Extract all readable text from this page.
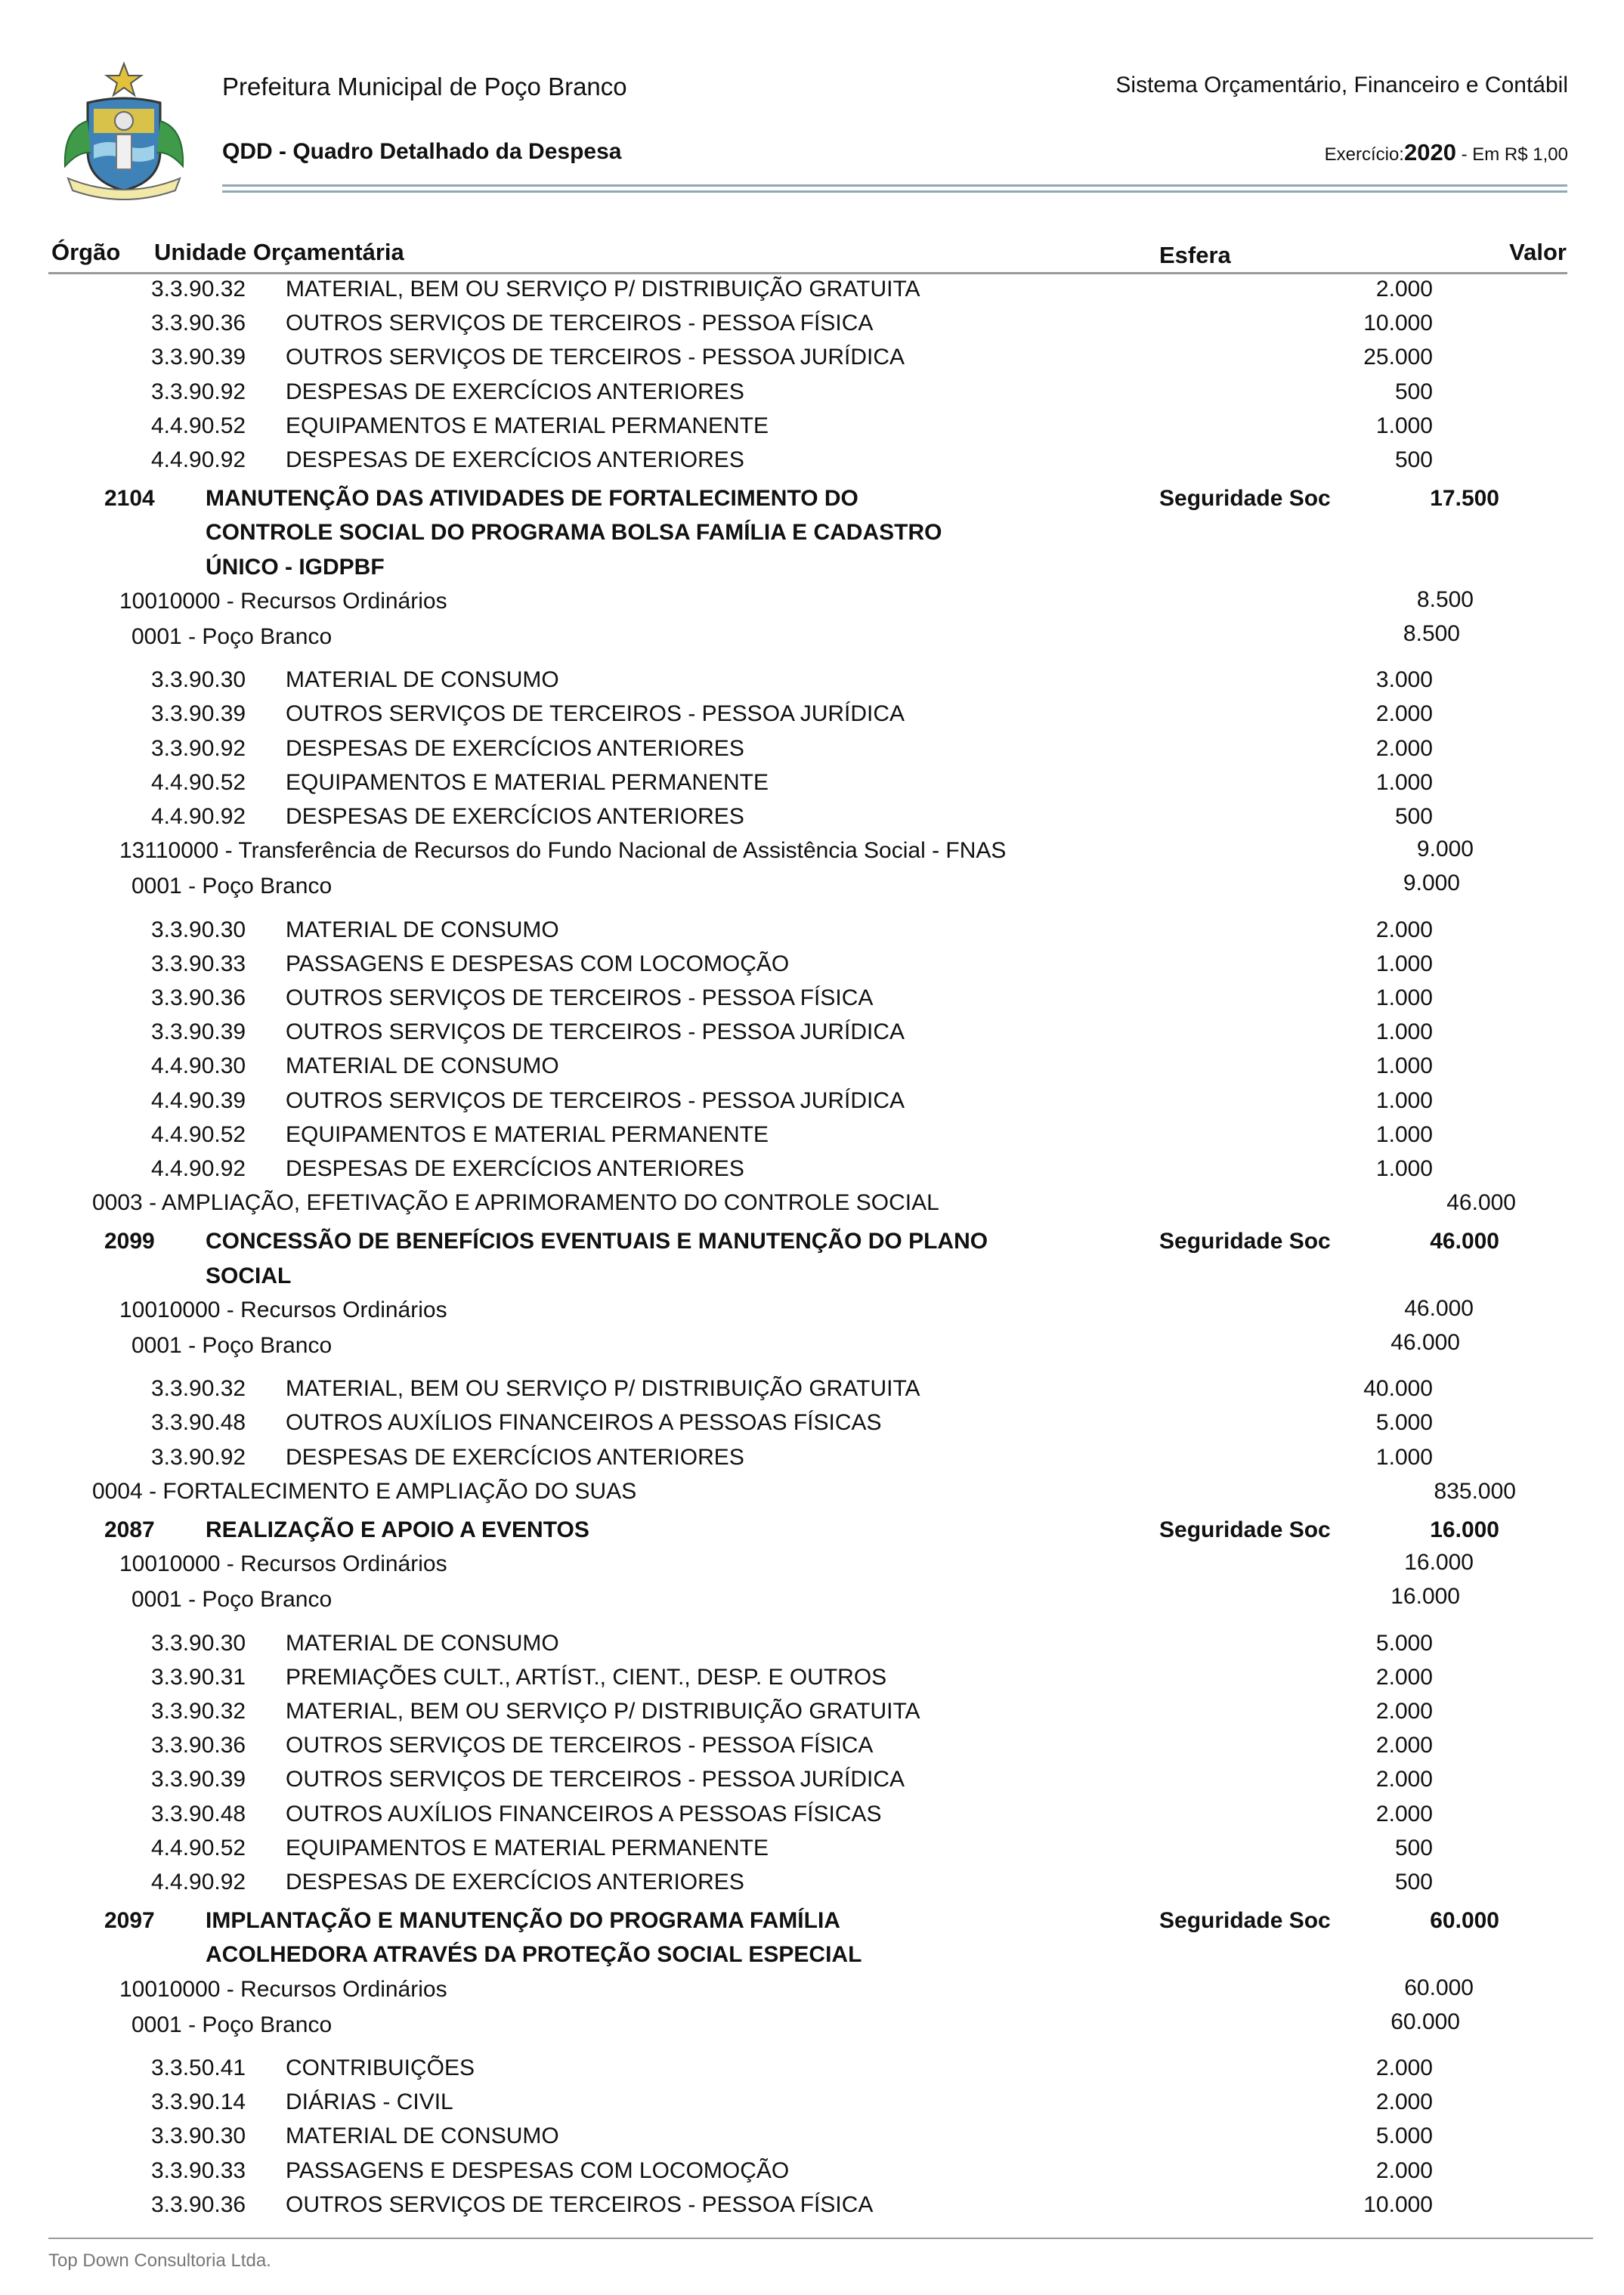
Prefeitura Municipal de Poço Branco
QDD - Quadro Detalhado da Despesa
Sistema Orçamentário, Financeiro e Contábil
Exercício:2020 - Em R$ 1,00
Órgão Unidade Orçamentária	Esfera	Valor
3.3.90.32 MATERIAL, BEM OU SERVIÇO P/ DISTRIBUIÇÃO GRATUITA	2.000
3.3.90.36 OUTROS SERVIÇOS DE TERCEIROS - PESSOA FÍSICA	10.000
3.3.90.39 OUTROS SERVIÇOS DE TERCEIROS - PESSOA JURÍDICA	25.000
3.3.90.92 DESPESAS DE EXERCÍCIOS ANTERIORES	500
4.4.90.52 EQUIPAMENTOS E MATERIAL PERMANENTE	1.000
4.4.90.92 DESPESAS DE EXERCÍCIOS ANTERIORES	500
2104 MANUTENÇÃO DAS ATIVIDADES DE FORTALECIMENTO DO
CONTROLE SOCIAL DO PROGRAMA BOLSA FAMÍLIA E CADASTRO
ÚNICO - IGDPBF
Seguridade Soc	17.500
10010000 - Recursos Ordinários	8.500
0001 - Poço Branco	8.500
3.3.90.30 MATERIAL DE CONSUMO	3.000
3.3.90.39 OUTROS SERVIÇOS DE TERCEIROS - PESSOA JURÍDICA	2.000
3.3.90.92 DESPESAS DE EXERCÍCIOS ANTERIORES	2.000
4.4.90.52 EQUIPAMENTOS E MATERIAL PERMANENTE	1.000
4.4.90.92 DESPESAS DE EXERCÍCIOS ANTERIORES	500
13110000 - Transferência de Recursos do Fundo Nacional de Assistência Social - FNAS	9.000
0001 - Poço Branco	9.000
3.3.90.30 MATERIAL DE CONSUMO	2.000
3.3.90.33 PASSAGENS E DESPESAS COM LOCOMOÇÃO	1.000
3.3.90.36 OUTROS SERVIÇOS DE TERCEIROS - PESSOA FÍSICA	1.000
3.3.90.39 OUTROS SERVIÇOS DE TERCEIROS - PESSOA JURÍDICA	1.000
4.4.90.30 MATERIAL DE CONSUMO	1.000
4.4.90.39 OUTROS SERVIÇOS DE TERCEIROS - PESSOA JURÍDICA	1.000
4.4.90.52 EQUIPAMENTOS E MATERIAL PERMANENTE	1.000
4.4.90.92 DESPESAS DE EXERCÍCIOS ANTERIORES	1.000
0003 - AMPLIAÇÃO, EFETIVAÇÃO E APRIMORAMENTO DO CONTROLE SOCIAL	46.000
2099 CONCESSÃO DE BENEFÍCIOS EVENTUAIS E MANUTENÇÃO DO PLANO
SOCIAL
Seguridade Soc	46.000
10010000 - Recursos Ordinários	46.000
0001 - Poço Branco	46.000
3.3.90.32 MATERIAL, BEM OU SERVIÇO P/ DISTRIBUIÇÃO GRATUITA	40.000
3.3.90.48 OUTROS AUXÍLIOS FINANCEIROS A PESSOAS FÍSICAS	5.000
3.3.90.92 DESPESAS DE EXERCÍCIOS ANTERIORES	1.000
0004 - FORTALECIMENTO E AMPLIAÇÃO DO SUAS	835.000
2087 REALIZAÇÃO E APOIO A EVENTOS	Seguridade Soc	16.000
10010000 - Recursos Ordinários	16.000
0001 - Poço Branco	16.000
3.3.90.30 MATERIAL DE CONSUMO	5.000
3.3.90.31 PREMIAÇÕES CULT., ARTÍST., CIENT., DESP. E OUTROS	2.000
3.3.90.32 MATERIAL, BEM OU SERVIÇO P/ DISTRIBUIÇÃO GRATUITA	2.000
3.3.90.36 OUTROS SERVIÇOS DE TERCEIROS - PESSOA FÍSICA	2.000
3.3.90.39 OUTROS SERVIÇOS DE TERCEIROS - PESSOA JURÍDICA	2.000
3.3.90.48 OUTROS AUXÍLIOS FINANCEIROS A PESSOAS FÍSICAS	2.000
4.4.90.52 EQUIPAMENTOS E MATERIAL PERMANENTE	500
4.4.90.92 DESPESAS DE EXERCÍCIOS ANTERIORES	500
2097 IMPLANTAÇÃO E MANUTENÇÃO DO PROGRAMA FAMÍLIA
ACOLHEDORA ATRAVÉS DA PROTEÇÃO SOCIAL ESPECIAL
Seguridade Soc	60.000
10010000 - Recursos Ordinários	60.000
0001 - Poço Branco	60.000
3.3.50.41 CONTRIBUIÇÕES	2.000
3.3.90.14 DIÁRIAS - CIVIL	2.000
3.3.90.30 MATERIAL DE CONSUMO	5.000
3.3.90.33 PASSAGENS E DESPESAS COM LOCOMOÇÃO	2.000
3.3.90.36 OUTROS SERVIÇOS DE TERCEIROS - PESSOA FÍSICA	10.000
Top Down Consultoria Ltda.
